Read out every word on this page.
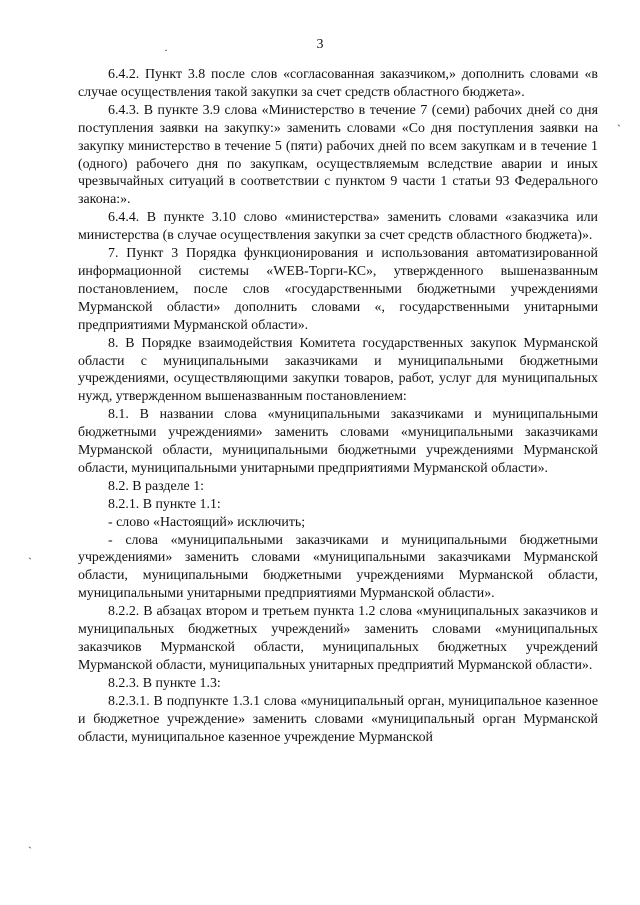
3
·
`
`
`

6.4.2. Пункт 3.8 после слов «согласованная заказчиком,» дополнить словами «в случае осуществления такой закупки за счет средств областного бюджета».

6.4.3. В пункте 3.9 слова «Министерство в течение 7 (семи) рабочих дней со дня поступления заявки на закупку:» заменить словами «Со дня поступления заявки на закупку министерство в течение 5 (пяти) рабочих дней по всем закупкам и в течение 1 (одного) рабочего дня по закупкам, осуществляемым вследствие аварии и иных чрезвычайных ситуаций в соответствии с пунктом 9 части 1 статьи 93 Федерального закона:».

6.4.4. В пункте 3.10 слово «министерства» заменить словами «заказчика или министерства (в случае осуществления закупки за счет средств областного бюджета)».

7. Пункт 3 Порядка функционирования и использования автоматизированной информационной системы «WEB-Торги-КС», утвержденного вышеназванным постановлением, после слов «государственными бюджетными учреждениями Мурманской области» дополнить словами «, государственными унитарными предприятиями Мурманской области».

8. В Порядке взаимодействия Комитета государственных закупок Мурманской области с муниципальными заказчиками и муниципальными бюджетными учреждениями, осуществляющими закупки товаров, работ, услуг для муниципальных нужд, утвержденном вышеназванным постановлением:

8.1. В названии слова «муниципальными заказчиками и муниципальными бюджетными учреждениями» заменить словами «муниципальными заказчиками Мурманской области, муниципальными бюджетными учреждениями Мурманской области, муниципальными унитарными предприятиями Мурманской области».

8.2. В разделе 1:

8.2.1. В пункте 1.1:

- слово «Настоящий» исключить;

- слова «муниципальными заказчиками и муниципальными бюджетными учреждениями» заменить словами «муниципальными заказчиками Мурманской области, муниципальными бюджетными учреждениями Мурманской области, муниципальными унитарными предприятиями Мурманской области».

8.2.2. В абзацах втором и третьем пункта 1.2 слова «муниципальных заказчиков и муниципальных бюджетных учреждений» заменить словами «муниципальных заказчиков Мурманской области, муниципальных бюджетных учреждений Мурманской области, муниципальных унитарных предприятий Мурманской области».

8.2.3. В пункте 1.3:

8.2.3.1. В подпункте 1.3.1 слова «муниципальный орган, муниципальное казенное и бюджетное учреждение» заменить словами «муниципальный орган Мурманской области, муниципальное казенное учреждение Мурманской
